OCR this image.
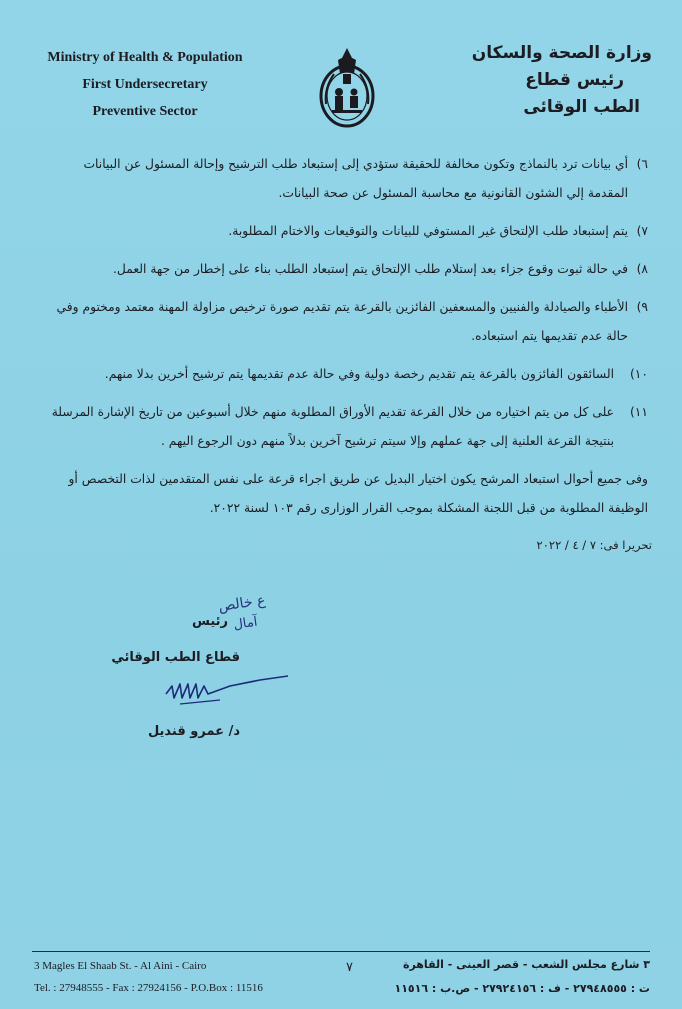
Ministry of Health & Population
First Undersecretary
Preventive Sector
وزارة الصحة والسكان
رئيس قطاع
الطب الوقائى
٦)
أي بيانات ترد بالنماذج وتكون مخالفة للحقيقة ستؤدي إلى إستبعاد طلب الترشيح وإحالة المسئول عن البيانات المقدمة إلي الشئون القانونية مع محاسبة المسئول عن صحة البيانات.
٧)
يتم إستبعاد طلب الإلتحاق غير المستوفي للبيانات والتوقيعات والاختام المطلوبة.
٨)
في حالة ثبوت وقوع جزاء بعد إستلام طلب الإلتحاق يتم إستبعاد الطلب بناء على إخطار من جهة العمل.
٩)
الأطباء والصيادلة والفنيين والمسعفين الفائزين بالقرعة يتم تقديم صورة ترخيص مزاولة المهنة معتمد ومختوم وفي حالة عدم تقديمها يتم استبعاده.
١٠)
السائقون الفائزون بالقرعة يتم تقديم رخصة دولية وفي حالة عدم تقديمها يتم ترشيح أخرين بدلا منهم.
١١)
على كل من يتم اختياره من خلال القرعة تقديم الأوراق المطلوبة منهم خلال أسبوعين من تاريخ الإشارة المرسلة بنتيجة القرعة العلنية إلى جهة عملهم وإلا سيتم ترشيح آخرين بدلاً منهم دون الرجوع اليهم .
وفى جميع أحوال استبعاد المرشح يكون اختيار البديل عن طريق اجراء قرعة على نفس المتقدمين لذات التخصص أو الوظيفة المطلوبة من قبل اللجنة المشكلة بموجب القرار الوزارى رقم ١٠٣ لسنة ٢٠٢٢.
تحريرا فى: ٧ / ٤ / ٢٠٢٢
ع خالص
آمال
رئيس
قطاع الطب الوقائي
د/ عمرو قنديل
3 Magles El Shaab St. - Al Aini - Cairo
Tel. : 27948555 - Fax : 27924156 - P.O.Box : 11516
٧	٣ شارع مجلس الشعب - قصر العينى - القاهرة
ت : ٢٧٩٤٨٥٥٥ - ف : ٢٧٩٢٤١٥٦ - ص.ب : ١١٥١٦
